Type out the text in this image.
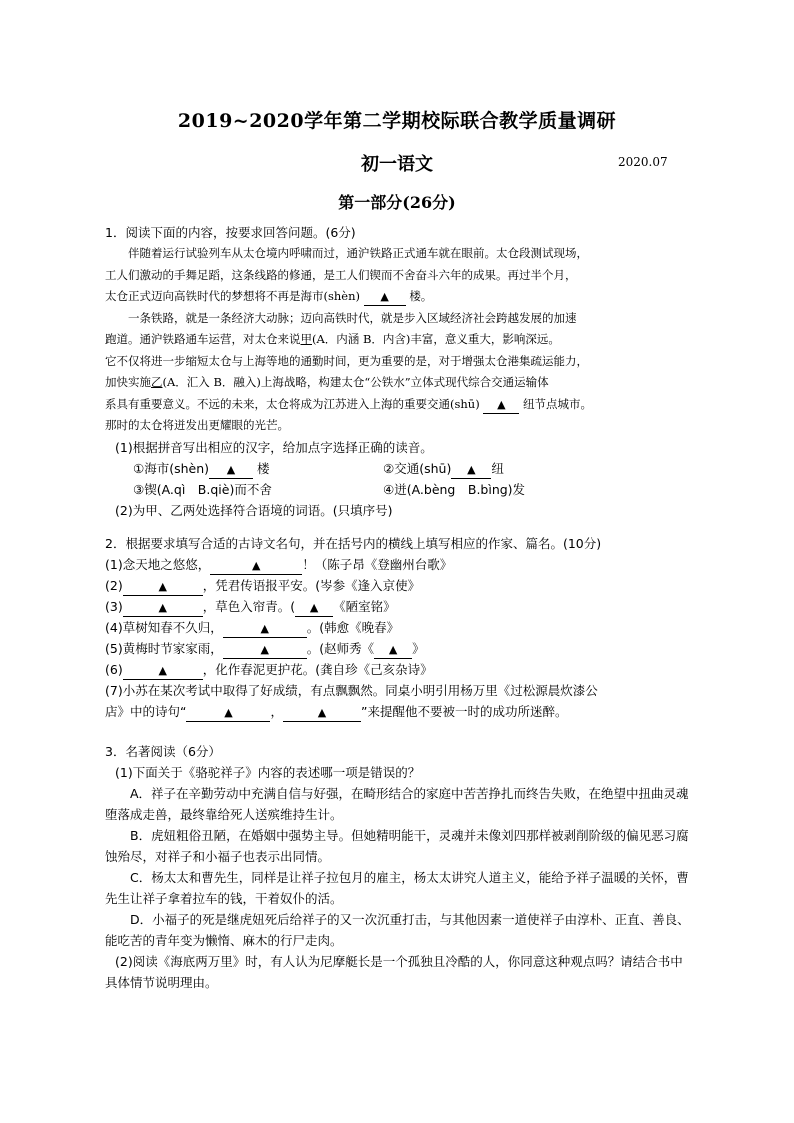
2019~2020学年第二学期校际联合教学质量调研
初一语文	2020.07
第一部分(26分)

1．阅读下面的内容，按要求回答问题。(6分)

伴随着运行试验列车从太仓境内呼啸而过，通沪铁路正式通车就在眼前。太仓段测试现场，

工人们激动的手舞足蹈，这条线路的修通，是工人们锲而不舍奋斗六年的成果。再过半个月，

太仓正式迈向高铁时代的梦想将不再是海市(shèn) ▲ 楼。

一条铁路，就是一条经济大动脉；迈向高铁时代，就是步入区域经济社会跨越发展的加速

跑道。通沪铁路通车运营，对太仓来说甲(A．内涵 B．内含)丰富，意义重大，影响深远。

它不仅将进一步缩短太仓与上海等地的通勤时间，更为重要的是，对于增强太仓港集疏运能力，

加快实施乙(A．汇入 B．融入)上海战略，构建太仓“公铁水”立体式现代综合交通运输体

系具有重要意义。不远的未来，太仓将成为江苏进入上海的重要交通(shū) ▲ 纽节点城市。

那时的太仓将迸发出更耀眼的光芒。

(1)根据拼音写出相应的汉字，给加点字选择正确的读音。

①海市(shèn) ▲ 楼	②交通(shū) ▲ 纽
③锲(A.qì　B.qiè)而不舍	④迸(A.bèng　B.bìng)发

(2)为甲、乙两处选择符合语境的词语。(只填序号)

2．根据要求填写合适的古诗文名句，并在括号内的横线上填写相应的作家、篇名。(10分)

(1)念天地之悠悠，	▲	！（陈子昂《登幽州台歌》

(2)	▲	，凭君传语报平安。(岑参《逢入京使》

(3)	▲	，草色入帘青。( ▲ 《陋室铭》

(4)草树知春不久归，	▲	。(韩愈《晚春》

(5)黄梅时节家家雨，	▲	。(赵师秀《 ▲ 》

(6)	▲	，化作春泥更护花。(龚自珍《己亥杂诗》

(7)小苏在某次考试中取得了好成绩，有点飘飘然。同桌小明引用杨万里《过松源晨炊漆公

店》中的诗句“	▲	，	▲	”来提醒他不要被一时的成功所迷醉。

3．名著阅读（6分）

(1)下面关于《骆驼祥子》内容的表述哪一项是错误的？

A．祥子在辛勤劳动中充满自信与好强，在畸形结合的家庭中苦苦挣扎而终告失败，在绝望中扭曲灵魂堕落成走兽，最终靠给死人送殡维持生计。

B．虎妞粗俗丑陋，在婚姻中强势主导。但她精明能干，灵魂并未像刘四那样被剥削阶级的偏见恶习腐蚀殆尽，对祥子和小福子也表示出同情。

C．杨太太和曹先生，同样是让祥子拉包月的雇主，杨太太讲究人道主义，能给予祥子温暖的关怀，曹先生让祥子拿着拉车的钱，干着奴仆的活。

D．小福子的死是继虎妞死后给祥子的又一次沉重打击，与其他因素一道使祥子由淳朴、正直、善良、能吃苦的青年变为懒惰、麻木的行尸走肉。

(2)阅读《海底两万里》时，有人认为尼摩艇长是一个孤独且冷酷的人，你同意这种观点吗？请结合书中具体情节说明理由。
